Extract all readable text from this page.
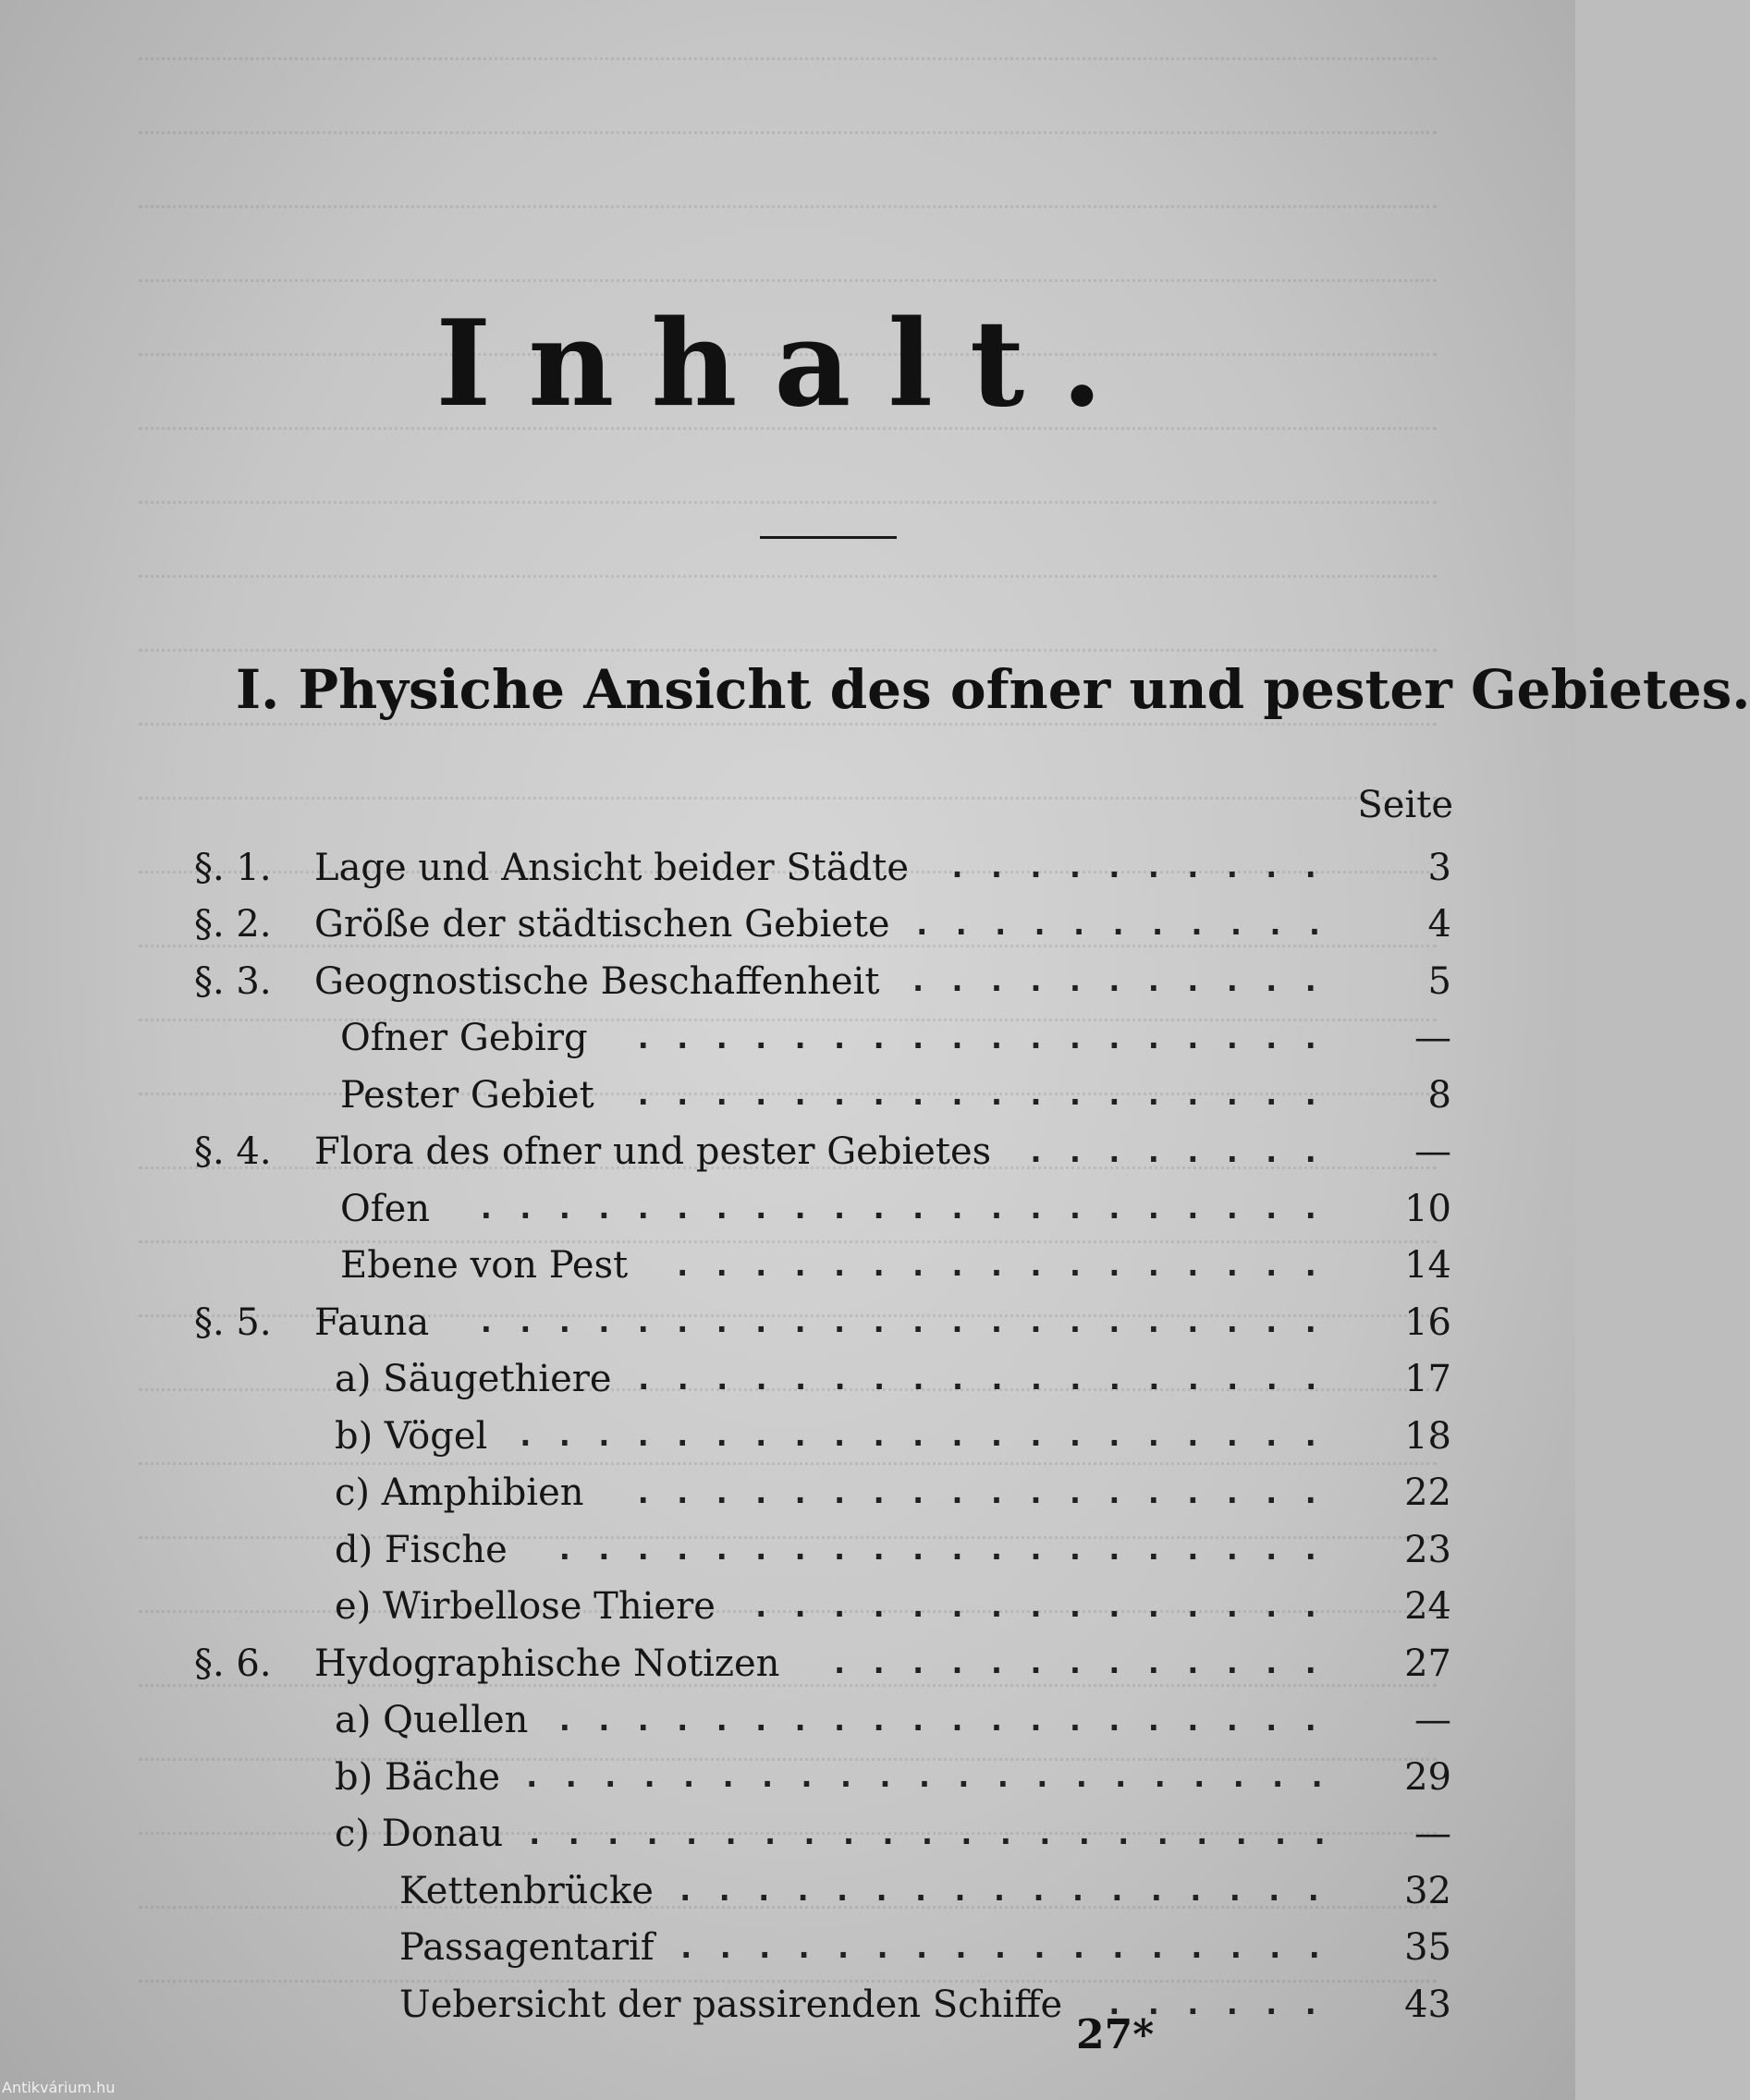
Inhalt.
I. Physiche Ansicht des ofner und pester Gebietes.
Seite
§. 1.	Lage und Ansicht beider Städte	..........	3
§. 2.	Größe der städtischen Gebiete ...........	4
§. 3.	Geognostische Beschaffenheit ...........	5
Ofner Gebirg	..................	—
Pester Gebiet	..................	8
§. 4.	Flora des ofner und pester Gebietes	........	—
Ofen	......................	10
Ebene von Pest	.................	14
§. 5.	Fauna	......................	16
a) Säugethiere ..................	17
b) Vögel .....................	18
c) Amphibien	..................	22
d) Fische	....................	23
e) Wirbellose Thiere	...............	24
§. 6.	Hydographische Notizen	.............	27
a) Quellen ....................	—
b) Bäche .....................	29
c) Donau .....................	—
Kettenbrücke .................	32
Passagentarif .................	35
Uebersicht der passirenden Schiffe	......	43
27*
Antikvárium.hu
